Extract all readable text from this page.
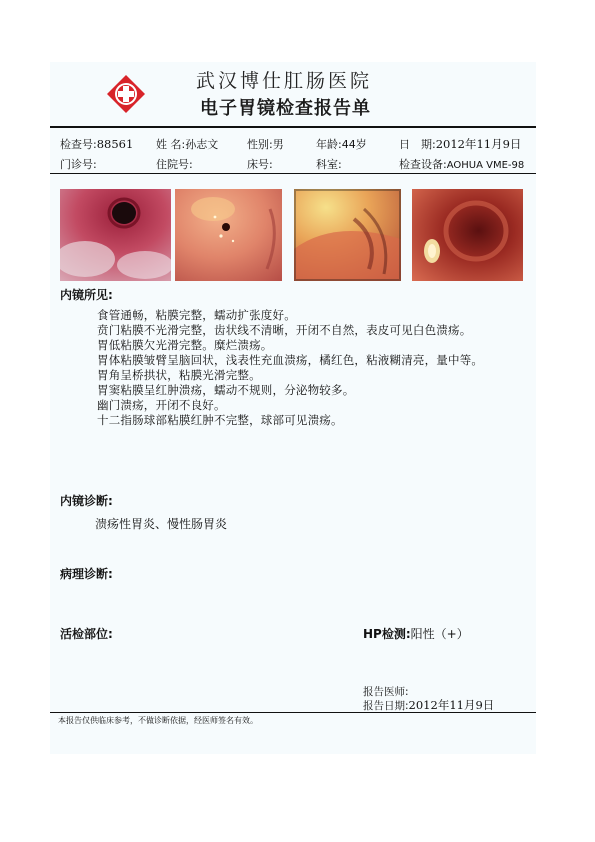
武汉博仕肛肠医院
电子胃镜检查报告单
检查号:88561 姓 名:孙志文	性别:男	年龄:44岁	日　期:2012年11月9日
门诊号:	住院号:	床号:	科室:	检查设备:AOHUA VME-98
内镜所见:
食管通畅，粘膜完整，蠕动扩张度好。
贲门粘膜不光滑完整，齿状线不清晰，开闭不自然，表皮可见白色溃疡。
胃低粘膜欠光滑完整。糜烂溃疡。
胃体粘膜皱臂呈脑回状，浅表性充血溃疡，橘红色，粘液糊清亮，量中等。
胃角呈桥拱状，粘膜光滑完整。
胃窦粘膜呈红肿溃疡，蠕动不规则，分泌物较多。
幽门溃疡，开闭不良好。
十二指肠球部粘膜红肿不完整，球部可见溃疡。
内镜诊断:
溃疡性胃炎、慢性肠胃炎
病理诊断:
活检部位:	HP检测:阳性（+）
报告医师:
报告日期:2012年11月9日
本报告仅供临床参考，不做诊断依据，经医师签名有效。
